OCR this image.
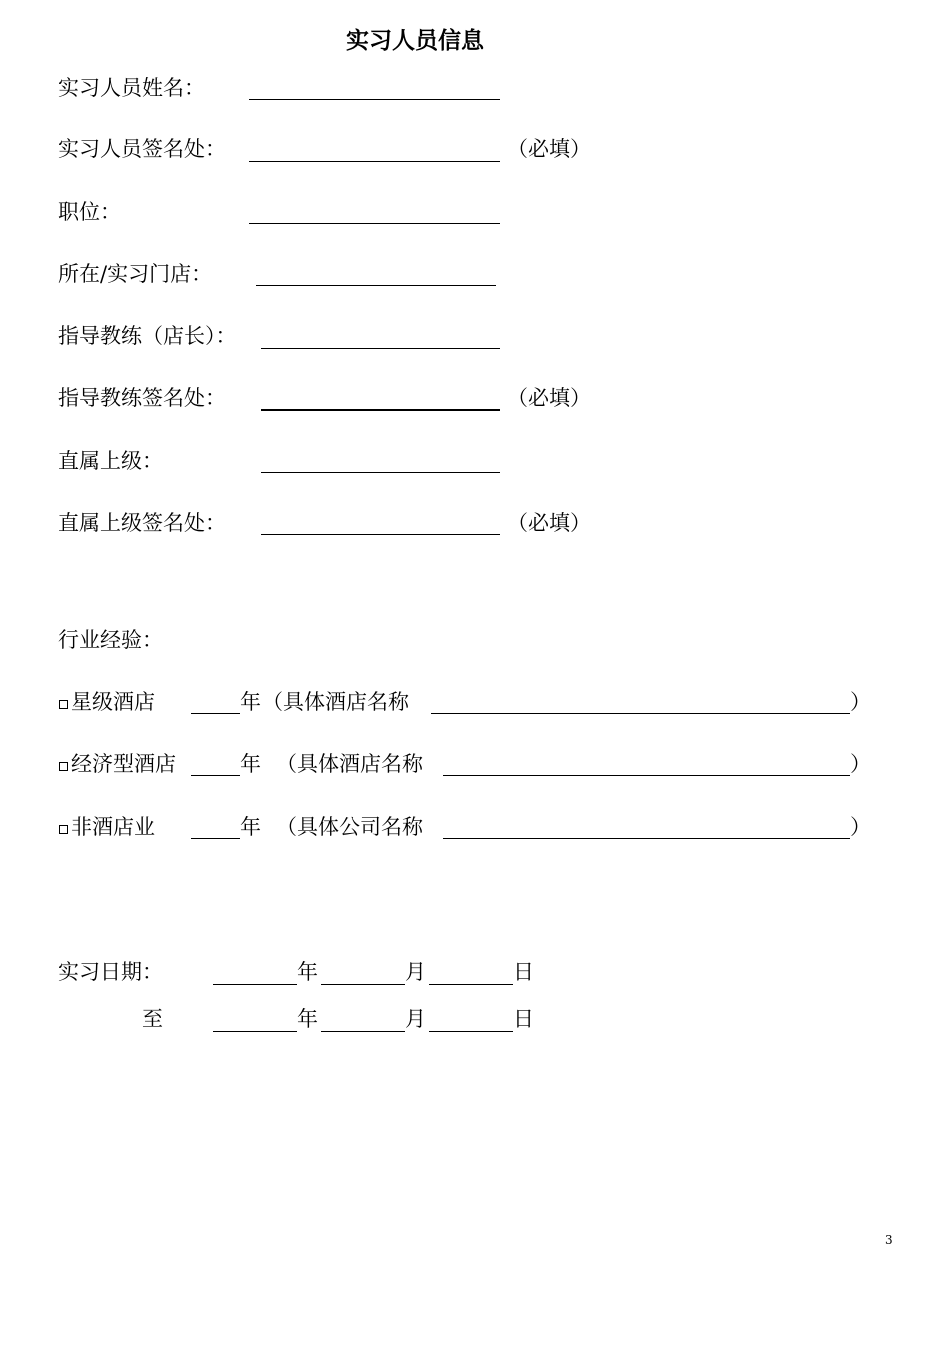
实习人员信息
实习人员姓名：
实习人员签名处：	（必填）
职位：
所在/实习门店：
指导教练（店长）：
指导教练签名处：	（必填）
直属上级：
直属上级签名处：	（必填）
行业经验：
星级酒店	年 （具体酒店名称	）
经济型酒店	年 （具体酒店名称	）
非酒店业	年 （具体公司名称	）
实习日期：	年	月	日
至	年	月	日
3
